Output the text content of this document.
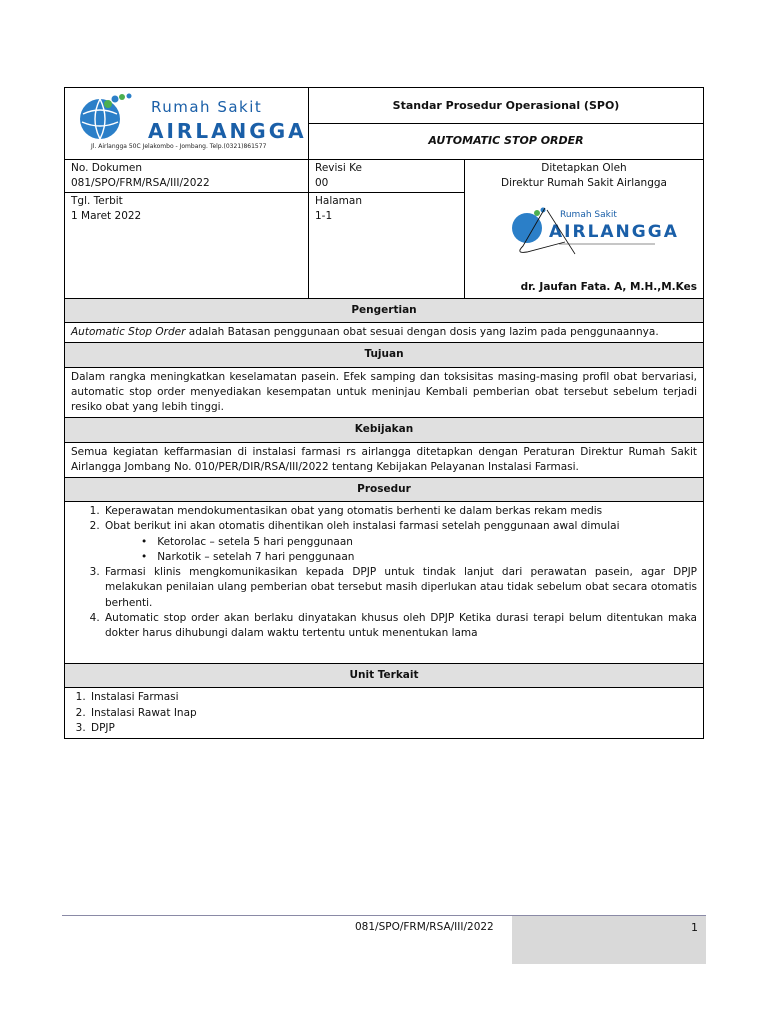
Rumah Sakit
AIRLANGGA
Jl. Airlangga 50C Jelakombo - Jombang. Telp.(0321)861577
Standar Prosedur Operasional (SPO)
AUTOMATIC STOP ORDER
No. Dokumen
081/SPO/FRM/RSA/III/2022
Tgl. Terbit
1 Maret 2022
Revisi Ke
00
Halaman
1-1
Ditetapkan Oleh
Direktur Rumah Sakit Airlangga
Rumah Sakit
AIRLANGGA
dr. Jaufan Fata. A, M.H.,M.Kes
Pengertian
Automatic Stop Order adalah Batasan penggunaan obat sesuai dengan dosis yang lazim pada penggunaannya.
Tujuan
Dalam rangka meningkatkan keselamatan pasein. Efek samping dan toksisitas masing-masing profil obat bervariasi, automatic stop order menyediakan kesempatan untuk meninjau Kembali pemberian obat tersebut sebelum terjadi resiko obat yang lebih tinggi.
Kebijakan
Semua kegiatan keffarmasian di instalasi farmasi rs airlangga ditetapkan dengan Peraturan Direktur Rumah Sakit Airlangga Jombang No. 010/PER/DIR/RSA/III/2022 tentang Kebijakan Pelayanan Instalasi Farmasi.
Prosedur
1. Keperawatan mendokumentasikan obat yang otomatis berhenti ke dalam berkas rekam medis
2. Obat berikut ini akan otomatis dihentikan oleh instalasi farmasi setelah penggunaan awal dimulai
• Ketorolac – setela 5 hari penggunaan
• Narkotik – setelah 7 hari penggunaan
3. Farmasi klinis mengkomunikasikan kepada DPJP untuk tindak lanjut dari perawatan pasein, agar DPJP melakukan penilaian ulang pemberian obat tersebut masih diperlukan atau tidak sebelum obat secara otomatis berhenti.
4. Automatic stop order akan berlaku dinyatakan khusus oleh DPJP Ketika durasi terapi belum ditentukan maka dokter harus dihubungi dalam waktu tertentu untuk menentukan lama
Unit Terkait
1. Instalasi Farmasi
2. Instalasi Rawat Inap
3. DPJP
081/SPO/FRM/RSA/III/2022	1
